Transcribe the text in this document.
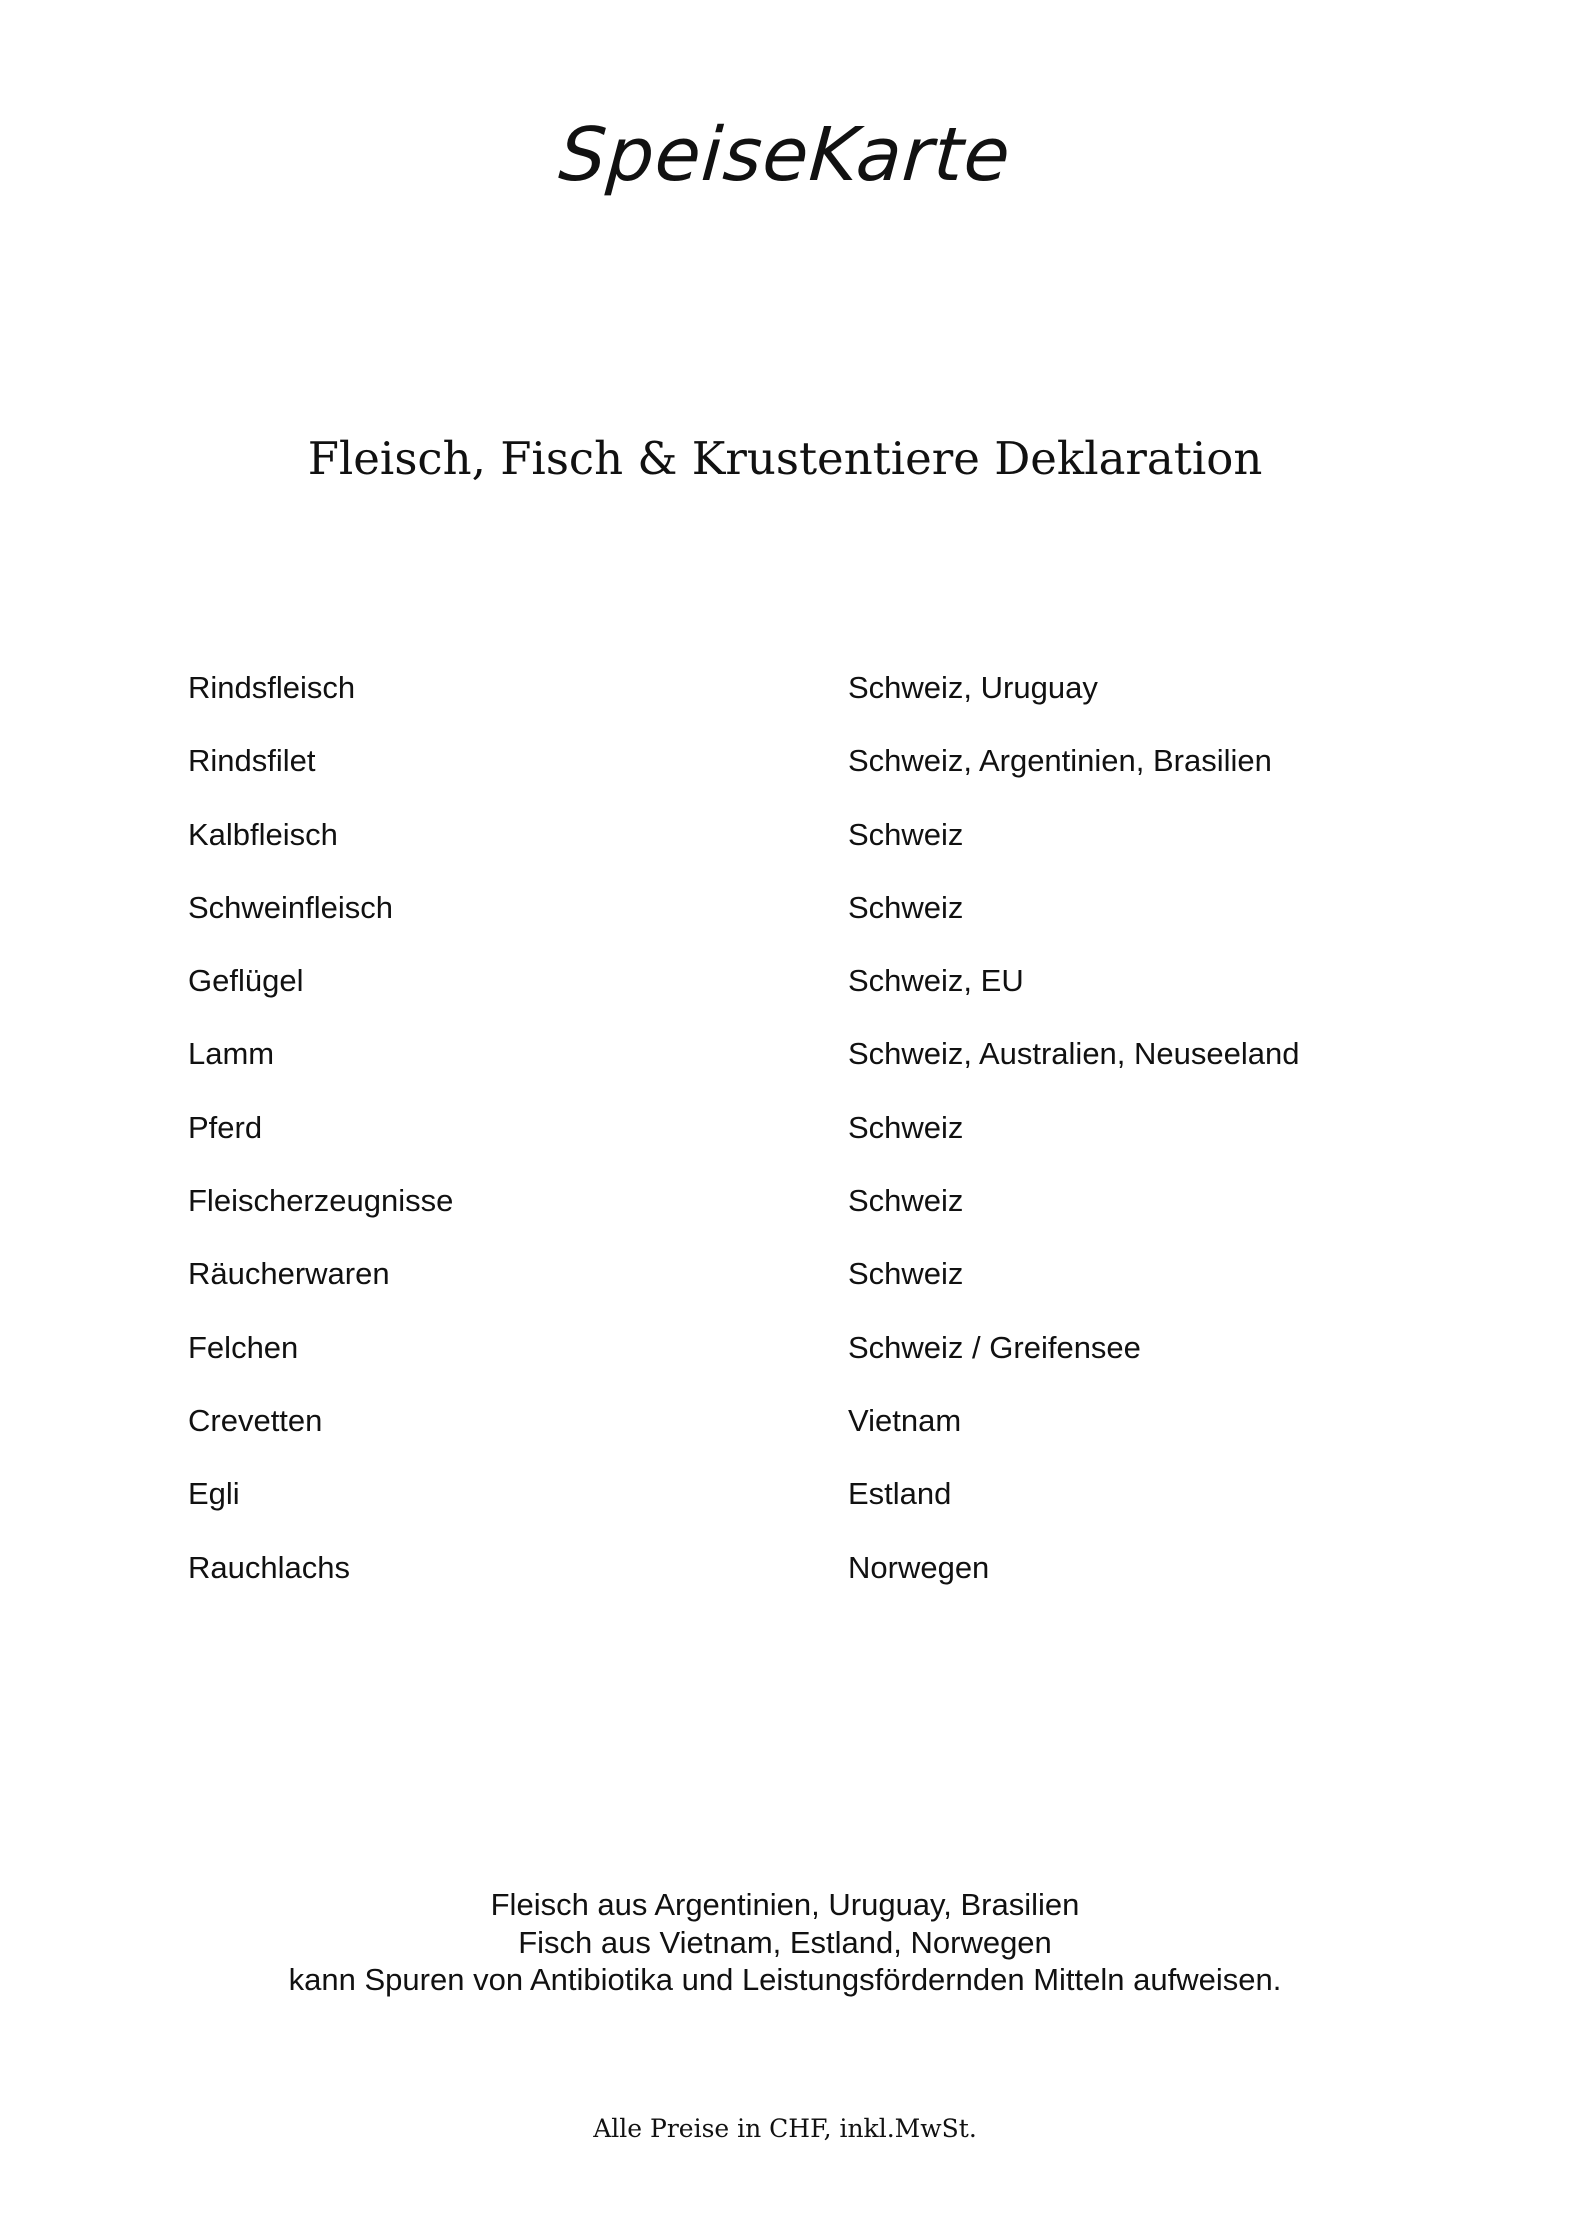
SpeiseKarte
Fleisch, Fisch & Krustentiere Deklaration
Rindsfleisch	Schweiz, Uruguay
Rindsfilet	Schweiz, Argentinien, Brasilien
Kalbfleisch	Schweiz
Schweinfleisch	Schweiz
Geflügel	Schweiz, EU
Lamm	Schweiz, Australien, Neuseeland
Pferd	Schweiz
Fleischerzeugnisse	Schweiz
Räucherwaren	Schweiz
Felchen	Schweiz / Greifensee
Crevetten	Vietnam
Egli	Estland
Rauchlachs	Norwegen
Fleisch aus Argentinien, Uruguay, Brasilien
Fisch aus Vietnam, Estland, Norwegen
kann Spuren von Antibiotika und Leistungsfördernden Mitteln aufweisen.
Alle Preise in CHF, inkl.MwSt.
